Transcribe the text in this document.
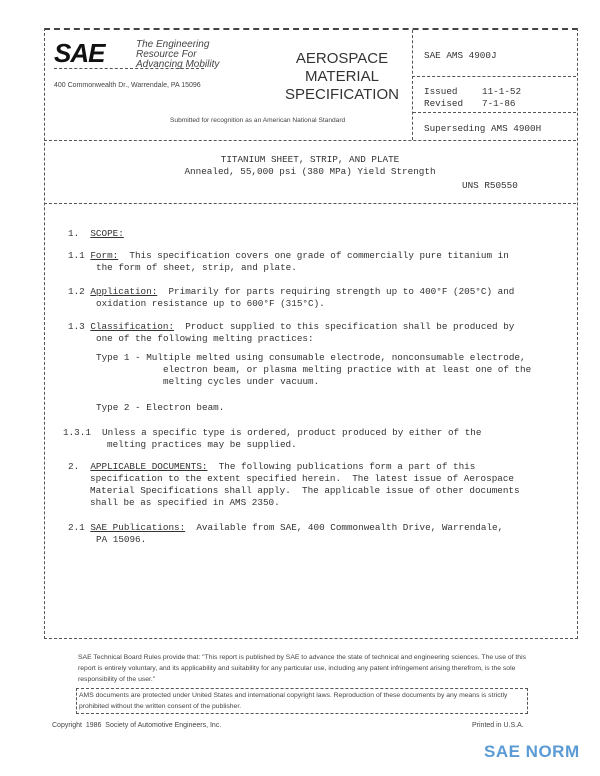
SAE	The Engineering
Resource For
Advancing Mobility
400 Commonwealth Dr., Warrendale, PA 15096
AEROSPACE
MATERIAL
SPECIFICATION
Submitted for recognition as an American National Standard
SAE AMS 4900J
Issued	11-1-52
Revised 7-1-86
Superseding AMS 4900H
TITANIUM SHEET, STRIP, AND PLATE
Annealed, 55,000 psi (380 MPa) Yield Strength
UNS R50550
1. SCOPE:
1.1 Form:  This specification covers one grade of commercially pure titanium in
the form of sheet, strip, and plate.
1.2 Application:  Primarily for parts requiring strength up to 400°F (205°C) and
oxidation resistance up to 600°F (315°C).
1.3 Classification:  Product supplied to this specification shall be produced by
one of the following melting practices:
Type 1 - Multiple melted using consumable electrode, nonconsumable electrode,
electron beam, or plasma melting practice with at least one of the
melting cycles under vacuum.
Type 2 - Electron beam.
1.3.1  Unless a specific type is ordered, product produced by either of the
melting practices may be supplied.
2. APPLICABLE DOCUMENTS:  The following publications form a part of this
specification to the extent specified herein.  The latest issue of Aerospace
Material Specifications shall apply.  The applicable issue of other documents
shall be as specified in AMS 2350.
2.1 SAE Publications:  Available from SAE, 400 Commonwealth Drive, Warrendale,
PA 15096.
SAE Technical Board Rules provide that: "This report is published by SAE to advance the state of technical and engineering sciences. The use of this report is entirely voluntary, and its applicability and suitability for any particular use, including any patent infringement arising therefrom, is the sole responsibility of the user."
AMS documents are protected under United States and international copyright laws. Reproduction of these documents by any means is strictly prohibited without the written consent of the publisher.
Copyright  1986  Society of Automotive Engineers, Inc.	Printed in U.S.A.
SAE NORM
